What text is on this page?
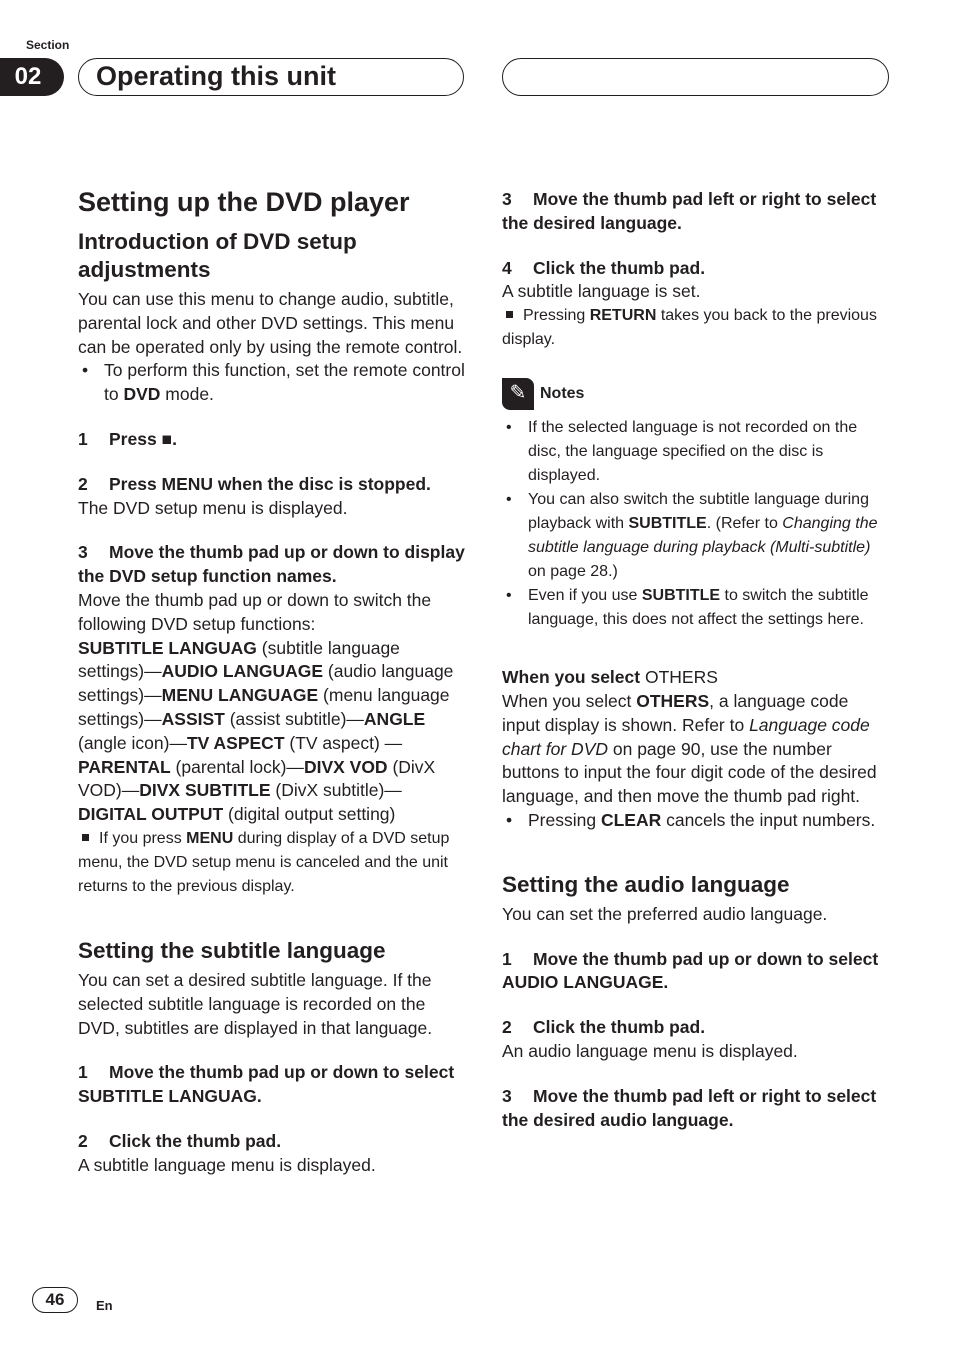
Section
02	Operating this unit

Setting up the DVD player

Introduction of DVD setup adjustments

You can use this menu to change audio, subtitle, parental lock and other DVD settings. This menu can be operated only by using the remote control.

• To perform this function, set the remote control to DVD mode.

1 Press ■.

2 Press MENU when the disc is stopped.

The DVD setup menu is displayed.

3 Move the thumb pad up or down to display the DVD setup function names.

Move the thumb pad up or down to switch the following DVD setup functions:

SUBTITLE LANGUAG (subtitle language settings)—AUDIO LANGUAGE (audio language settings)—MENU LANGUAGE (menu language settings)—ASSIST (assist subtitle)—ANGLE (angle icon)—TV ASPECT (TV aspect) —PARENTAL (parental lock)—DIVX VOD (DivX VOD)—DIVX SUBTITLE (DivX subtitle)—DIGITAL OUTPUT (digital output setting)

If you press MENU during display of a DVD setup menu, the DVD setup menu is canceled and the unit returns to the previous display.

Setting the subtitle language

You can set a desired subtitle language. If the selected subtitle language is recorded on the DVD, subtitles are displayed in that language.

1 Move the thumb pad up or down to select SUBTITLE LANGUAG.

2 Click the thumb pad.

A subtitle language menu is displayed.

3 Move the thumb pad left or right to select the desired language.

4 Click the thumb pad.

A subtitle language is set.

Pressing RETURN takes you back to the previous display.

✎ Notes

• If the selected language is not recorded on the disc, the language specified on the disc is displayed.

• You can also switch the subtitle language during playback with SUBTITLE. (Refer to Changing the subtitle language during playback (Multi-subtitle) on page 28.)

• Even if you use SUBTITLE to switch the subtitle language, this does not affect the settings here.

When you select OTHERS

When you select OTHERS, a language code input display is shown. Refer to Language code chart for DVD on page 90, use the number buttons to input the four digit code of the desired language, and then move the thumb pad right.

• Pressing CLEAR cancels the input numbers.

Setting the audio language

You can set the preferred audio language.

1 Move the thumb pad up or down to select AUDIO LANGUAGE.

2 Click the thumb pad.

An audio language menu is displayed.

3 Move the thumb pad left or right to select the desired audio language.

46	En
